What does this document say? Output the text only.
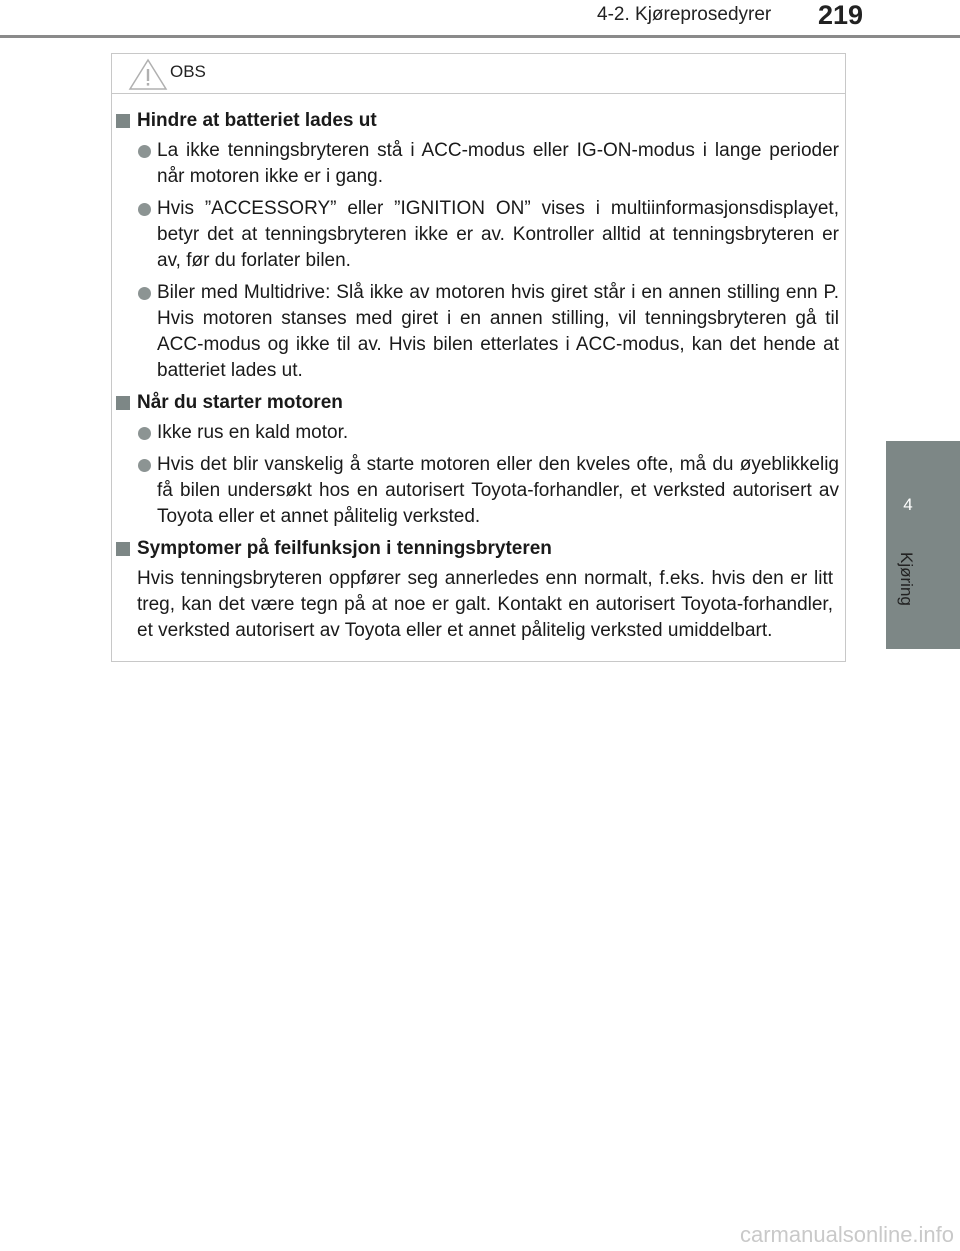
4-2. Kjøreprosedyrer 219
4
Kjøring
OBS
Hindre at batteriet lades ut
La ikke tenningsbryteren stå i ACC-modus eller IG-ON-modus i lange perioder når motoren ikke er i gang.
Hvis ”ACCESSORY” eller ”IGNITION ON” vises i multiinformasjonsdisplayet, betyr det at tenningsbryteren ikke er av. Kontroller alltid at tenningsbryteren er av, før du forlater bilen.
Biler med Multidrive: Slå ikke av motoren hvis giret står i en annen stilling enn P. Hvis motoren stanses med giret i en annen stilling, vil tenningsbryteren gå til ACC-modus og ikke til av. Hvis bilen etterlates i ACC-modus, kan det hende at batteriet lades ut.
Når du starter motoren
Ikke rus en kald motor.
Hvis det blir vanskelig å starte motoren eller den kveles ofte, må du øyeblikkelig få bilen undersøkt hos en autorisert Toyota-forhandler, et verksted autorisert av Toyota eller et annet pålitelig verksted.
Symptomer på feilfunksjon i tenningsbryteren
Hvis tenningsbryteren oppfører seg annerledes enn normalt, f.eks. hvis den er litt treg, kan det være tegn på at noe er galt. Kontakt en autorisert Toyota-forhandler, et verksted autorisert av Toyota eller et annet pålitelig verksted umiddelbart.
carmanualsonline.info
